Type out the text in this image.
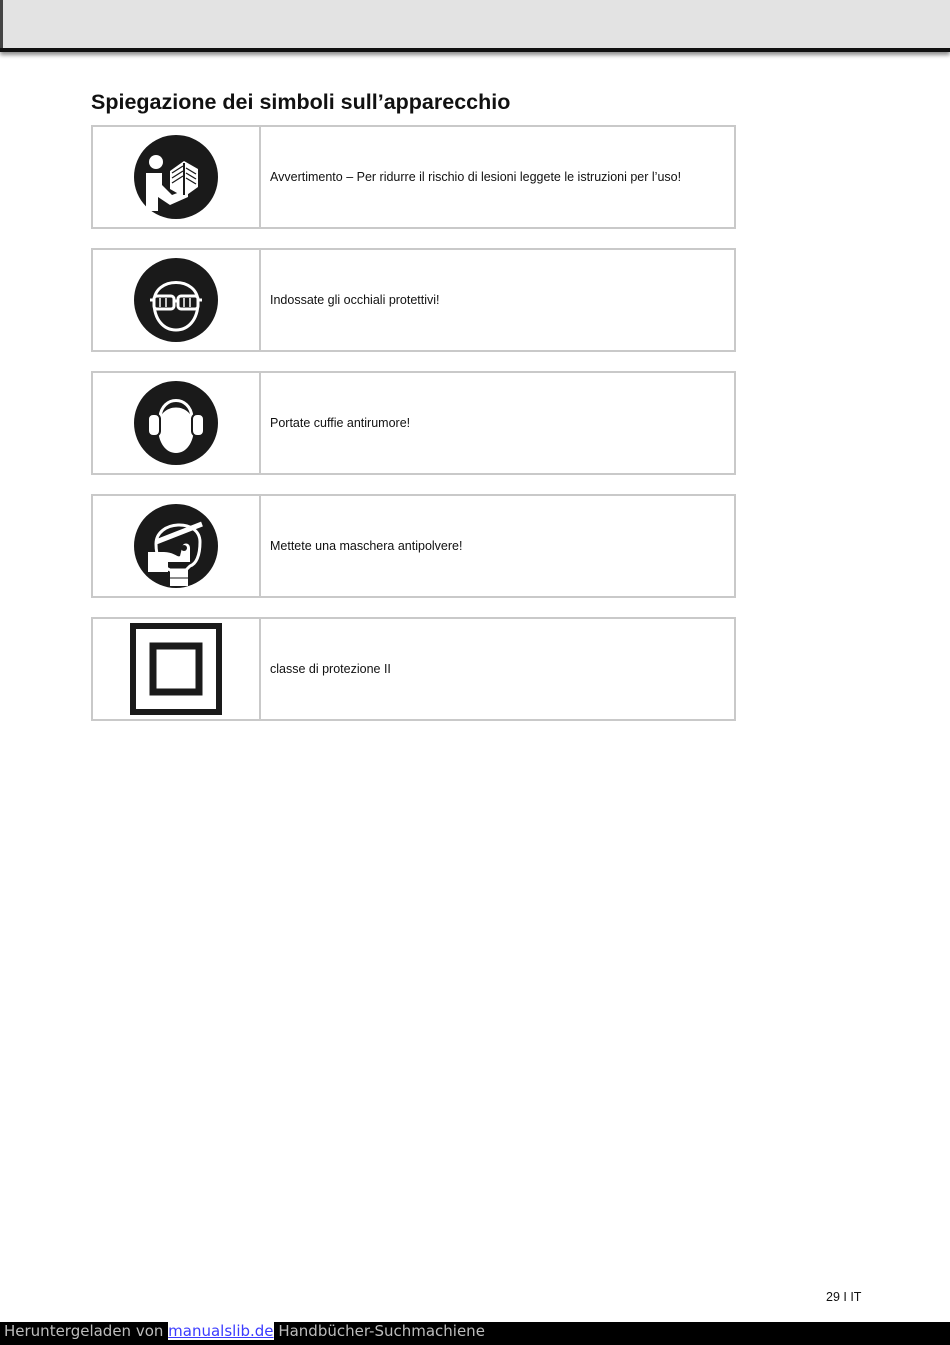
Spiegazione dei simboli sull’apparecchio
Avvertimento – Per ridurre il rischio di lesioni leggete le istruzioni per l’uso!
Indossate gli occhiali protettivi!
Portate cuffie antirumore!
Mettete una maschera antipolvere!
classe di protezione II
29 I IT
Heruntergeladen von manualslib.de Handbücher-Suchmachiene
